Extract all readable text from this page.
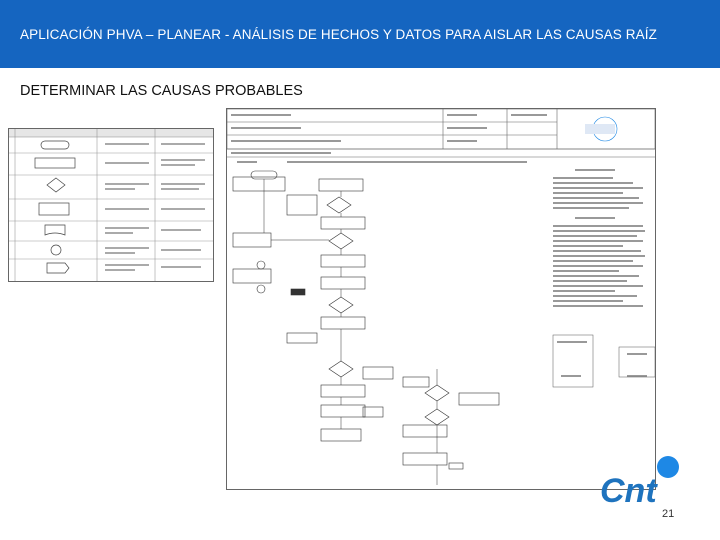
APLICACIÓN PHVA – PLANEAR - ANÁLISIS DE HECHOS Y DATOS PARA AISLAR LAS CAUSAS RAÍZ
DETERMINAR LAS CAUSAS PROBABLES
Cnt
21
